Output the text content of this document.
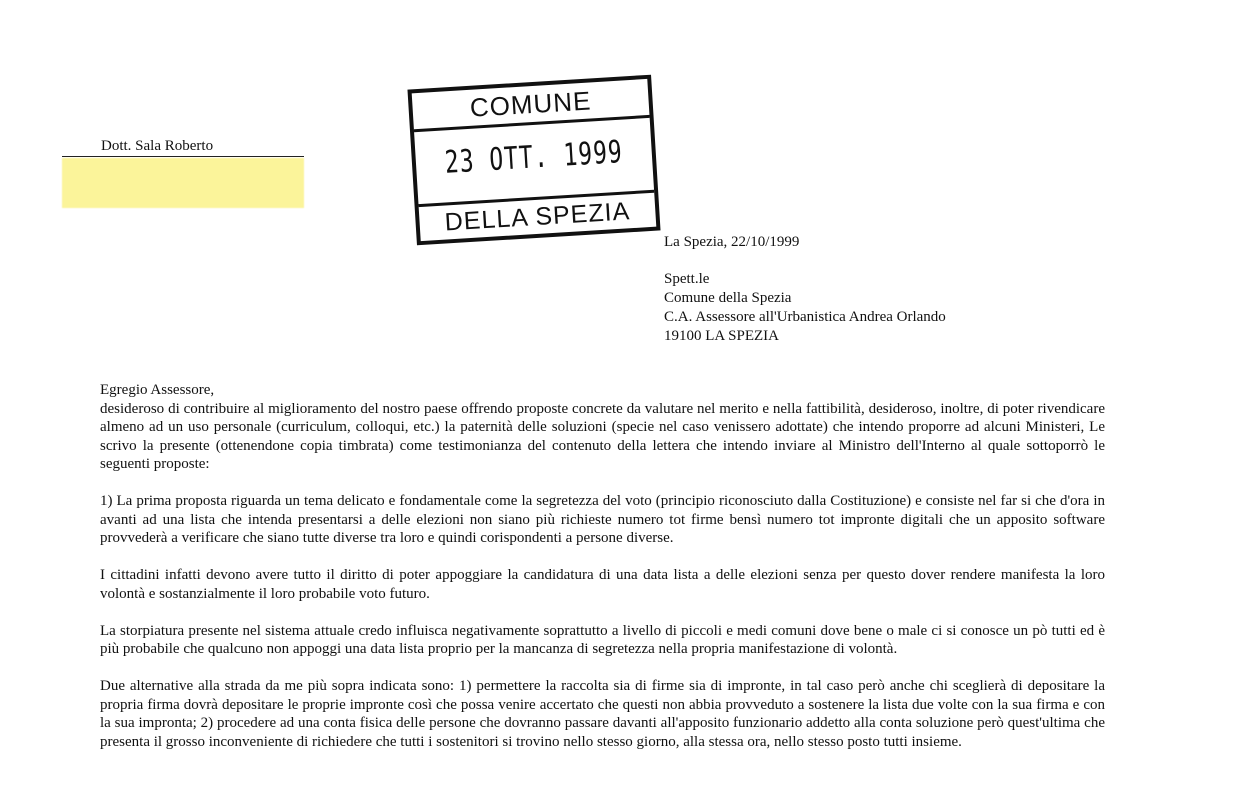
Dott. Sala Roberto
COMUNE
23 OTT. 1999
DELLA SPEZIA
La Spezia, 22/10/1999
Spett.le
Comune della Spezia
C.A. Assessore all'Urbanistica Andrea Orlando
19100 LA SPEZIA

Egregio Assessore,

desideroso di contribuire al miglioramento del nostro paese offrendo proposte concrete da valutare nel merito e nella fattibilità, desideroso, inoltre, di poter rivendicare almeno ad un uso personale (curriculum, colloqui, etc.) la paternità delle soluzioni (specie nel caso venissero adottate) che intendo proporre ad alcuni Ministeri, Le scrivo la presente (ottenendone copia timbrata) come testimonianza del contenuto della lettera che intendo inviare al Ministro dell'Interno al quale sottoporrò le seguenti proposte:

1) La prima proposta riguarda un tema delicato e fondamentale come la segretezza del voto (principio riconosciuto dalla Costituzione) e consiste nel far si che d'ora in avanti ad una lista che intenda presentarsi a delle elezioni non siano più richieste numero tot firme bensì numero tot impronte digitali che un apposito software provvederà a verificare che siano tutte diverse tra loro e quindi corispondenti a persone diverse.

I cittadini infatti devono avere tutto il diritto di poter appoggiare la candidatura di una data lista a delle elezioni senza per questo dover rendere manifesta la loro volontà e sostanzialmente il loro probabile voto futuro.

La storpiatura presente nel sistema attuale credo influisca negativamente soprattutto a livello di piccoli e medi comuni dove bene o male ci si conosce un pò tutti ed è più probabile che qualcuno non appoggi una data lista proprio per la mancanza di segretezza nella propria manifestazione di volontà.

Due alternative alla strada da me più sopra indicata sono: 1) permettere la raccolta sia di firme sia di impronte, in tal caso però anche chi sceglierà di depositare la propria firma dovrà depositare le proprie impronte così che possa venire accertato che questi non abbia provveduto a sostenere la lista due volte con la sua firma e con la sua impronta; 2) procedere ad una conta fisica delle persone che dovranno passare davanti all'apposito funzionario addetto alla conta soluzione però quest'ultima che presenta il grosso inconveniente di richiedere che tutti i sostenitori si trovino nello stesso giorno, alla stessa ora, nello stesso posto tutti insieme.
